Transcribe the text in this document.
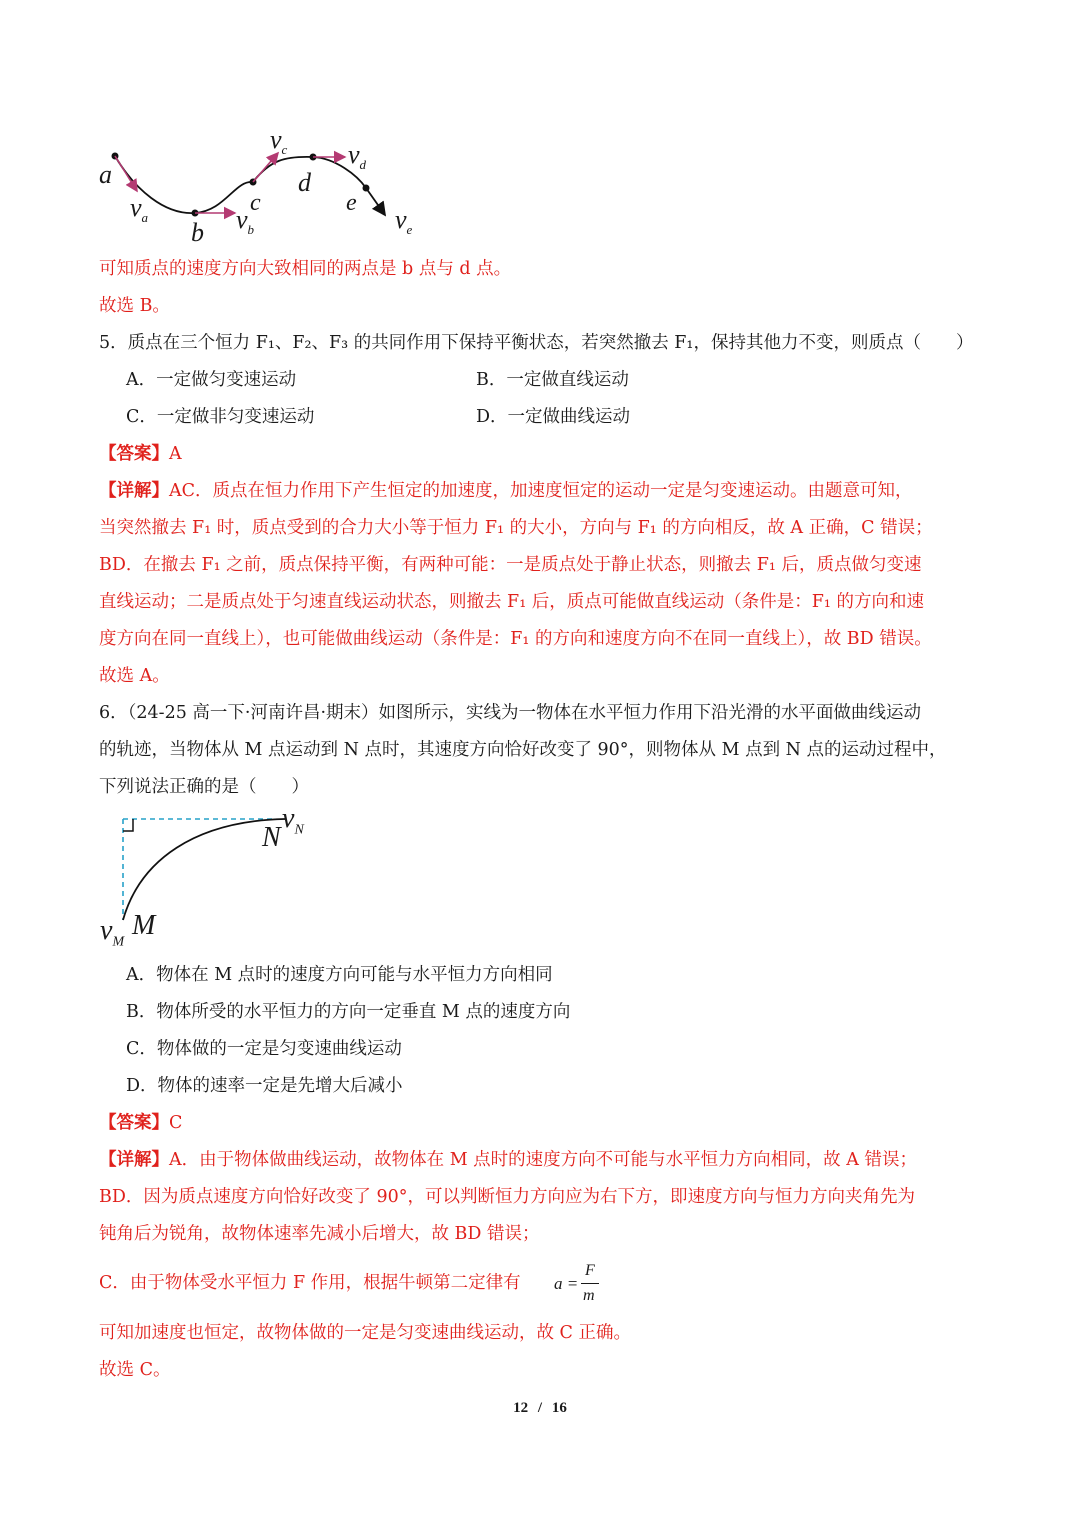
a
b
c
d
e
$v_a$	$v_b$
$v_c$ $v_d$
$v_e$
可知质点的速度方向大致相同的两点是 b 点与 d 点。
故选 B。
5．质点在三个恒力 F₁、F₂、F₃ 的共同作用下保持平衡状态，若突然撤去 F₁，保持其他力不变，则质点（　　）
A．一定做匀变速运动	B．一定做直线运动
C．一定做非匀变速运动	D．一定做曲线运动
【答案】A
【详解】AC．质点在恒力作用下产生恒定的加速度，加速度恒定的运动一定是匀变速运动。由题意可知，
当突然撤去 F₁ 时，质点受到的合力大小等于恒力 F₁ 的大小，方向与 F₁ 的方向相反，故 A 正确，C 错误；
BD．在撤去 F₁ 之前，质点保持平衡，有两种可能：一是质点处于静止状态，则撤去 F₁ 后，质点做匀变速
直线运动；二是质点处于匀速直线运动状态，则撤去 F₁ 后，质点可能做直线运动（条件是：F₁ 的方向和速
度方向在同一直线上），也可能做曲线运动（条件是：F₁ 的方向和速度方向不在同一直线上），故 BD 错误。
故选 A。
6．（24-25 高一下·河南许昌·期末）如图所示，实线为一物体在水平恒力作用下沿光滑的水平面做曲线运动
的轨迹，当物体从 M 点运动到 N 点时，其速度方向恰好改变了 90°，则物体从 M 点到 N 点的运动过程中，
下列说法正确的是（　　）
N
$v_N$
M
$v_M$
A．物体在 M 点时的速度方向可能与水平恒力方向相同
B．物体所受的水平恒力的方向一定垂直 M 点的速度方向
C．物体做的一定是匀变速曲线运动
D．物体的速率一定是先增大后减小
【答案】C
【详解】A．由于物体做曲线运动，故物体在 M 点时的速度方向不可能与水平恒力方向相同，故 A 错误；
BD．因为质点速度方向恰好改变了 90°，可以判断恒力方向应为右下方，即速度方向与恒力方向夹角先为
钝角后为锐角，故物体速率先减小后增大，故 BD 错误；
C．由于物体受水平恒力 F 作用，根据牛顿第二定律有 a =
F
m
可知加速度也恒定，故物体做的一定是匀变速曲线运动，故 C 正确。
故选 C。
12 / 16
